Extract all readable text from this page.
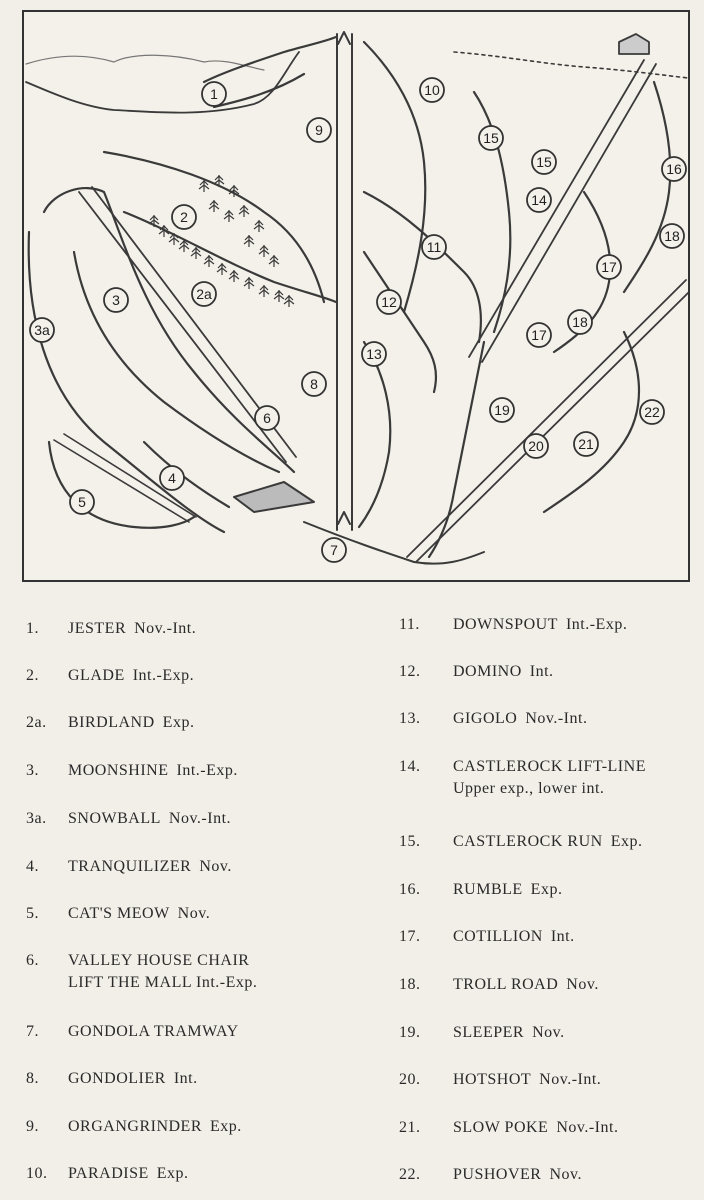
1
2
2a
3
3a
4
5
6
7
8
9
10
11
12
13
14
15
15	16
17
17
18
18
19
20 21
22
1. JESTER Nov.-Int.
2. GLADE Int.-Exp.
2a. BIRDLAND Exp.
3. MOONSHINE Int.-Exp.
3a. SNOWBALL Nov.-Int.
4. TRANQUILIZER Nov.
5. CAT'S MEOW Nov.
6. VALLEY HOUSE CHAIR
LIFT THE MALL Int.-Exp.
7. GONDOLA TRAMWAY
8. GONDOLIER Int.
9. ORGANGRINDER Exp.
10. PARADISE Exp.
11. DOWNSPOUT Int.-Exp.
12. DOMINO Int.
13. GIGOLO Nov.-Int.
14. CASTLEROCK LIFT-LINE
Upper exp., lower int.
15. CASTLEROCK RUN Exp.
16. RUMBLE Exp.
17. COTILLION Int.
18. TROLL ROAD Nov.
19. SLEEPER Nov.
20. HOTSHOT Nov.-Int.
21. SLOW POKE Nov.-Int.
22. PUSHOVER Nov.
